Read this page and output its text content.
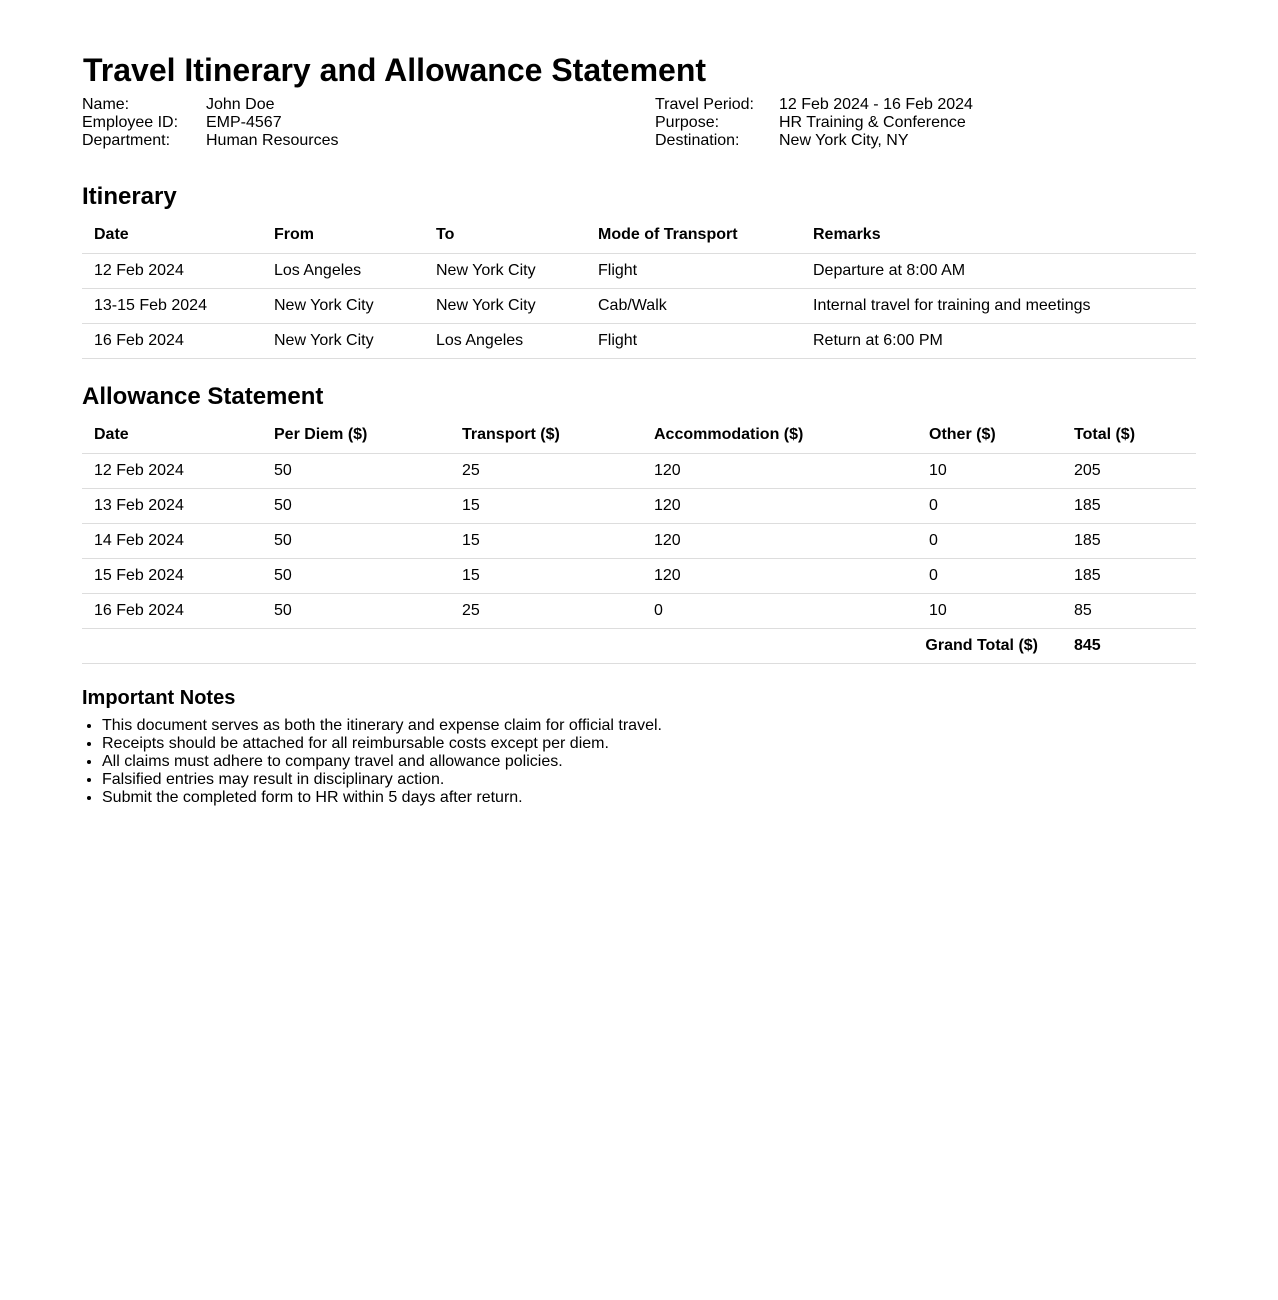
Travel Itinerary and Allowance Statement
Name:	John Doe
Employee ID:	EMP-4567
Department:	Human Resources
Travel Period:	12 Feb 2024 - 16 Feb 2024
Purpose:	HR Training & Conference
Destination:	New York City, NY
Itinerary
Date	From	To	Mode of Transport	Remarks
12 Feb 2024	Los Angeles	New York City	Flight	Departure at 8:00 AM
13-15 Feb 2024	New York City	New York City	Cab/Walk	Internal travel for training and meetings
16 Feb 2024	New York City	Los Angeles	Flight	Return at 6:00 PM
Allowance Statement
Date	Per Diem ($)	Transport ($)	Accommodation ($)	Other ($)	Total ($)
12 Feb 2024	50	25	120	10	205
13 Feb 2024	50	15	120	0	185
14 Feb 2024	50	15	120	0	185
15 Feb 2024	50	15	120	0	185
16 Feb 2024	50	25	0	10	85
Grand Total ($)					845
Important Notes
• This document serves as both the itinerary and expense claim for official travel.
• Receipts should be attached for all reimbursable costs except per diem.
• All claims must adhere to company travel and allowance policies.
• Falsified entries may result in disciplinary action.
• Submit the completed form to HR within 5 days after return.
